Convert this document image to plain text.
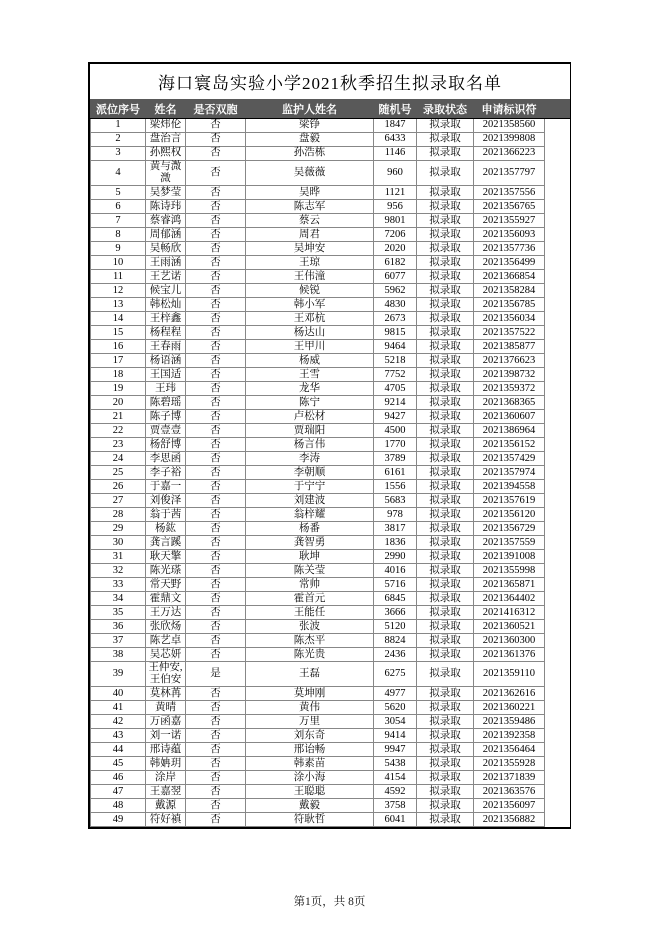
海口寰岛实验小学2021秋季招生拟录取名单							
派位序号	姓名	是否双胞	监护人姓名	随机号	录取状态	申请标识符	
1	梁炜伦	否	梁铮	1847	拟录取	2021358560	
2	盘治言	否	盘毅	6433	拟录取	2021399808	
3	孙熙权	否	孙浩栋	1146	拟录取	2021366223	
4	黄与溦溦	否	吴薇薇	960	拟录取	2021357797	
5	吴梦莹	否	吴晔	1121	拟录取	2021357556	
6	陈诗玮	否	陈志军	956	拟录取	2021356765	
7	蔡睿鸿	否	蔡云	9801	拟录取	2021355927	
8	周郁涵	否	周君	7206	拟录取	2021356093	
9	吴畅欣	否	吴坤安	2020	拟录取	2021357736	
10	王雨涵	否	王琼	6182	拟录取	2021356499	
11	王艺诺	否	王伟潼	6077	拟录取	2021366854	
12	候宝儿	否	候锐	5962	拟录取	2021358284	
13	韩松灿	否	韩小军	4830	拟录取	2021356785	
14	王梓鑫	否	王邓杭	2673	拟录取	2021356034	
15	杨程程	否	杨达山	9815	拟录取	2021357522	
16	王春雨	否	王甲川	9464	拟录取	2021385877	
17	杨语涵	否	杨威	5218	拟录取	2021376623	
18	王国适	否	王雪	7752	拟录取	2021398732	
19	王玮	否	龙华	4705	拟录取	2021359372	
20	陈碧瑶	否	陈宁	9214	拟录取	2021368365	
21	陈子博	否	卢松材	9427	拟录取	2021360607	
22	贾壹壹	否	贾瑞阳	4500	拟录取	2021386964	
23	杨舒博	否	杨言伟	1770	拟录取	2021356152	
24	李思函	否	李涛	3789	拟录取	2021357429	
25	李子裕	否	李朝顺	6161	拟录取	2021357974	
26	于嘉一	否	于宁宁	1556	拟录取	2021394558	
27	刘俊泽	否	刘建波	5683	拟录取	2021357619	
28	翁于茜	否	翁梓耀	978	拟录取	2021356120	
29	杨鈜	否	杨番	3817	拟录取	2021356729	
30	龚言蹊	否	龚智勇	1836	拟录取	2021357559	
31	耿天擎	否	耿坤	2990	拟录取	2021391008	
32	陈光瑹	否	陈关莹	4016	拟录取	2021355998	
33	常天野	否	常帅	5716	拟录取	2021365871	
34	霍鼎文	否	霍首元	6845	拟录取	2021364402	
35	王万达	否	王能任	3666	拟录取	2021416312	
36	张欣炀	否	张波	5120	拟录取	2021360521	
37	陈艺卓	否	陈杰平	8824	拟录取	2021360300	
38	吴芯妍	否	陈光贵	2436	拟录取	2021361376	
39	王仲安,王伯安	是	王磊	6275	拟录取	2021359110	
40	莫林苒	否	莫坤刚	4977	拟录取	2021362616	
41	黄晴	否	黄伟	5620	拟录取	2021360221	
42	万函嘉	否	万里	3054	拟录取	2021359486	
43	刘一诺	否	刘东奇	9414	拟录取	2021392358	
44	邢诗蕴	否	邢诒畅	9947	拟录取	2021356464	
45	韩姌玥	否	韩素苗	5438	拟录取	2021355928	
46	涂岸	否	涂小海	4154	拟录取	2021371839	
47	王嘉翌	否	王聪聪	4592	拟录取	2021363576	
48	戴源	否	戴毅	3758	拟录取	2021356097	
49	符好禛	否	符耿哲	6041	拟录取	2021356882	
第1页，共 8页
